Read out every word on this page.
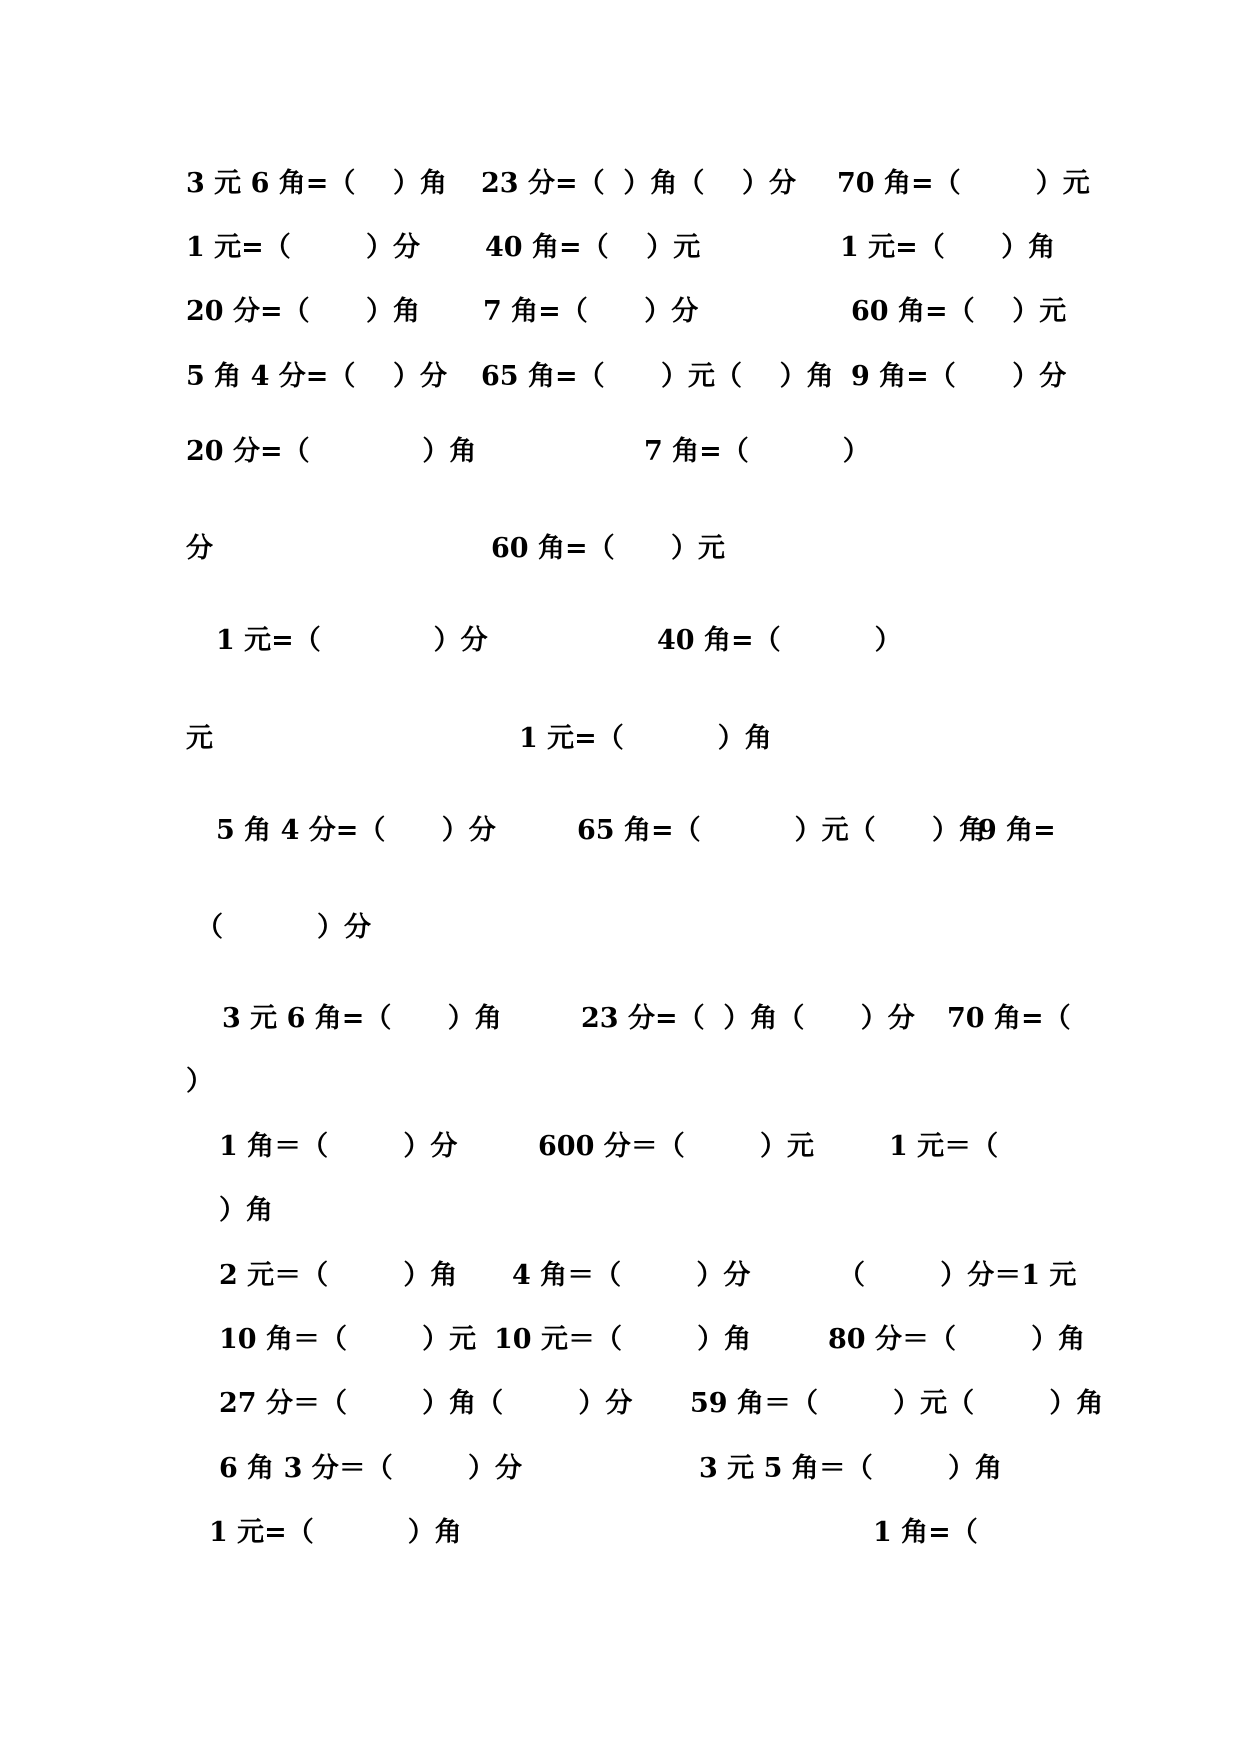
3 元 6 角=（    ）角 23 分=（  ）角（    ）分 70 角=（        ）元
1 元=（        ）分 40 角=（    ）元	1 元=（      ）角
20 分=（      ）角 7 角=（      ）分	60 角=（    ）元
5 角 4 分=（    ）分 65 角=（      ）元（    ）角 9 角=（      ）分
20 分=（            ）角	7 角=（          ）
分	60 角=（      ）元
1 元=（            ）分	40 角=（          ）
元	1 元=（          ）角
5 角 4 分=（      ）分	65 角=（          ）元（      ）角
9 角=
（          ）分
3 元 6 角=（      ）角	23 分=（  ）角（      ）分 70 角=（
）
1 角＝（        ）分	600 分＝（        ）元	1 元＝（
）角
2 元＝（        ）角 4 角＝（        ）分	（        ）分＝1 元
10 角＝（        ）元 10 元＝（        ）角	80 分＝（        ）角
27 分＝（        ）角（        ）分 59 角＝（        ）元（        ）角
6 角 3 分＝（        ）分	3 元 5 角＝（        ）角
1 元=（          ）角	1 角=（
